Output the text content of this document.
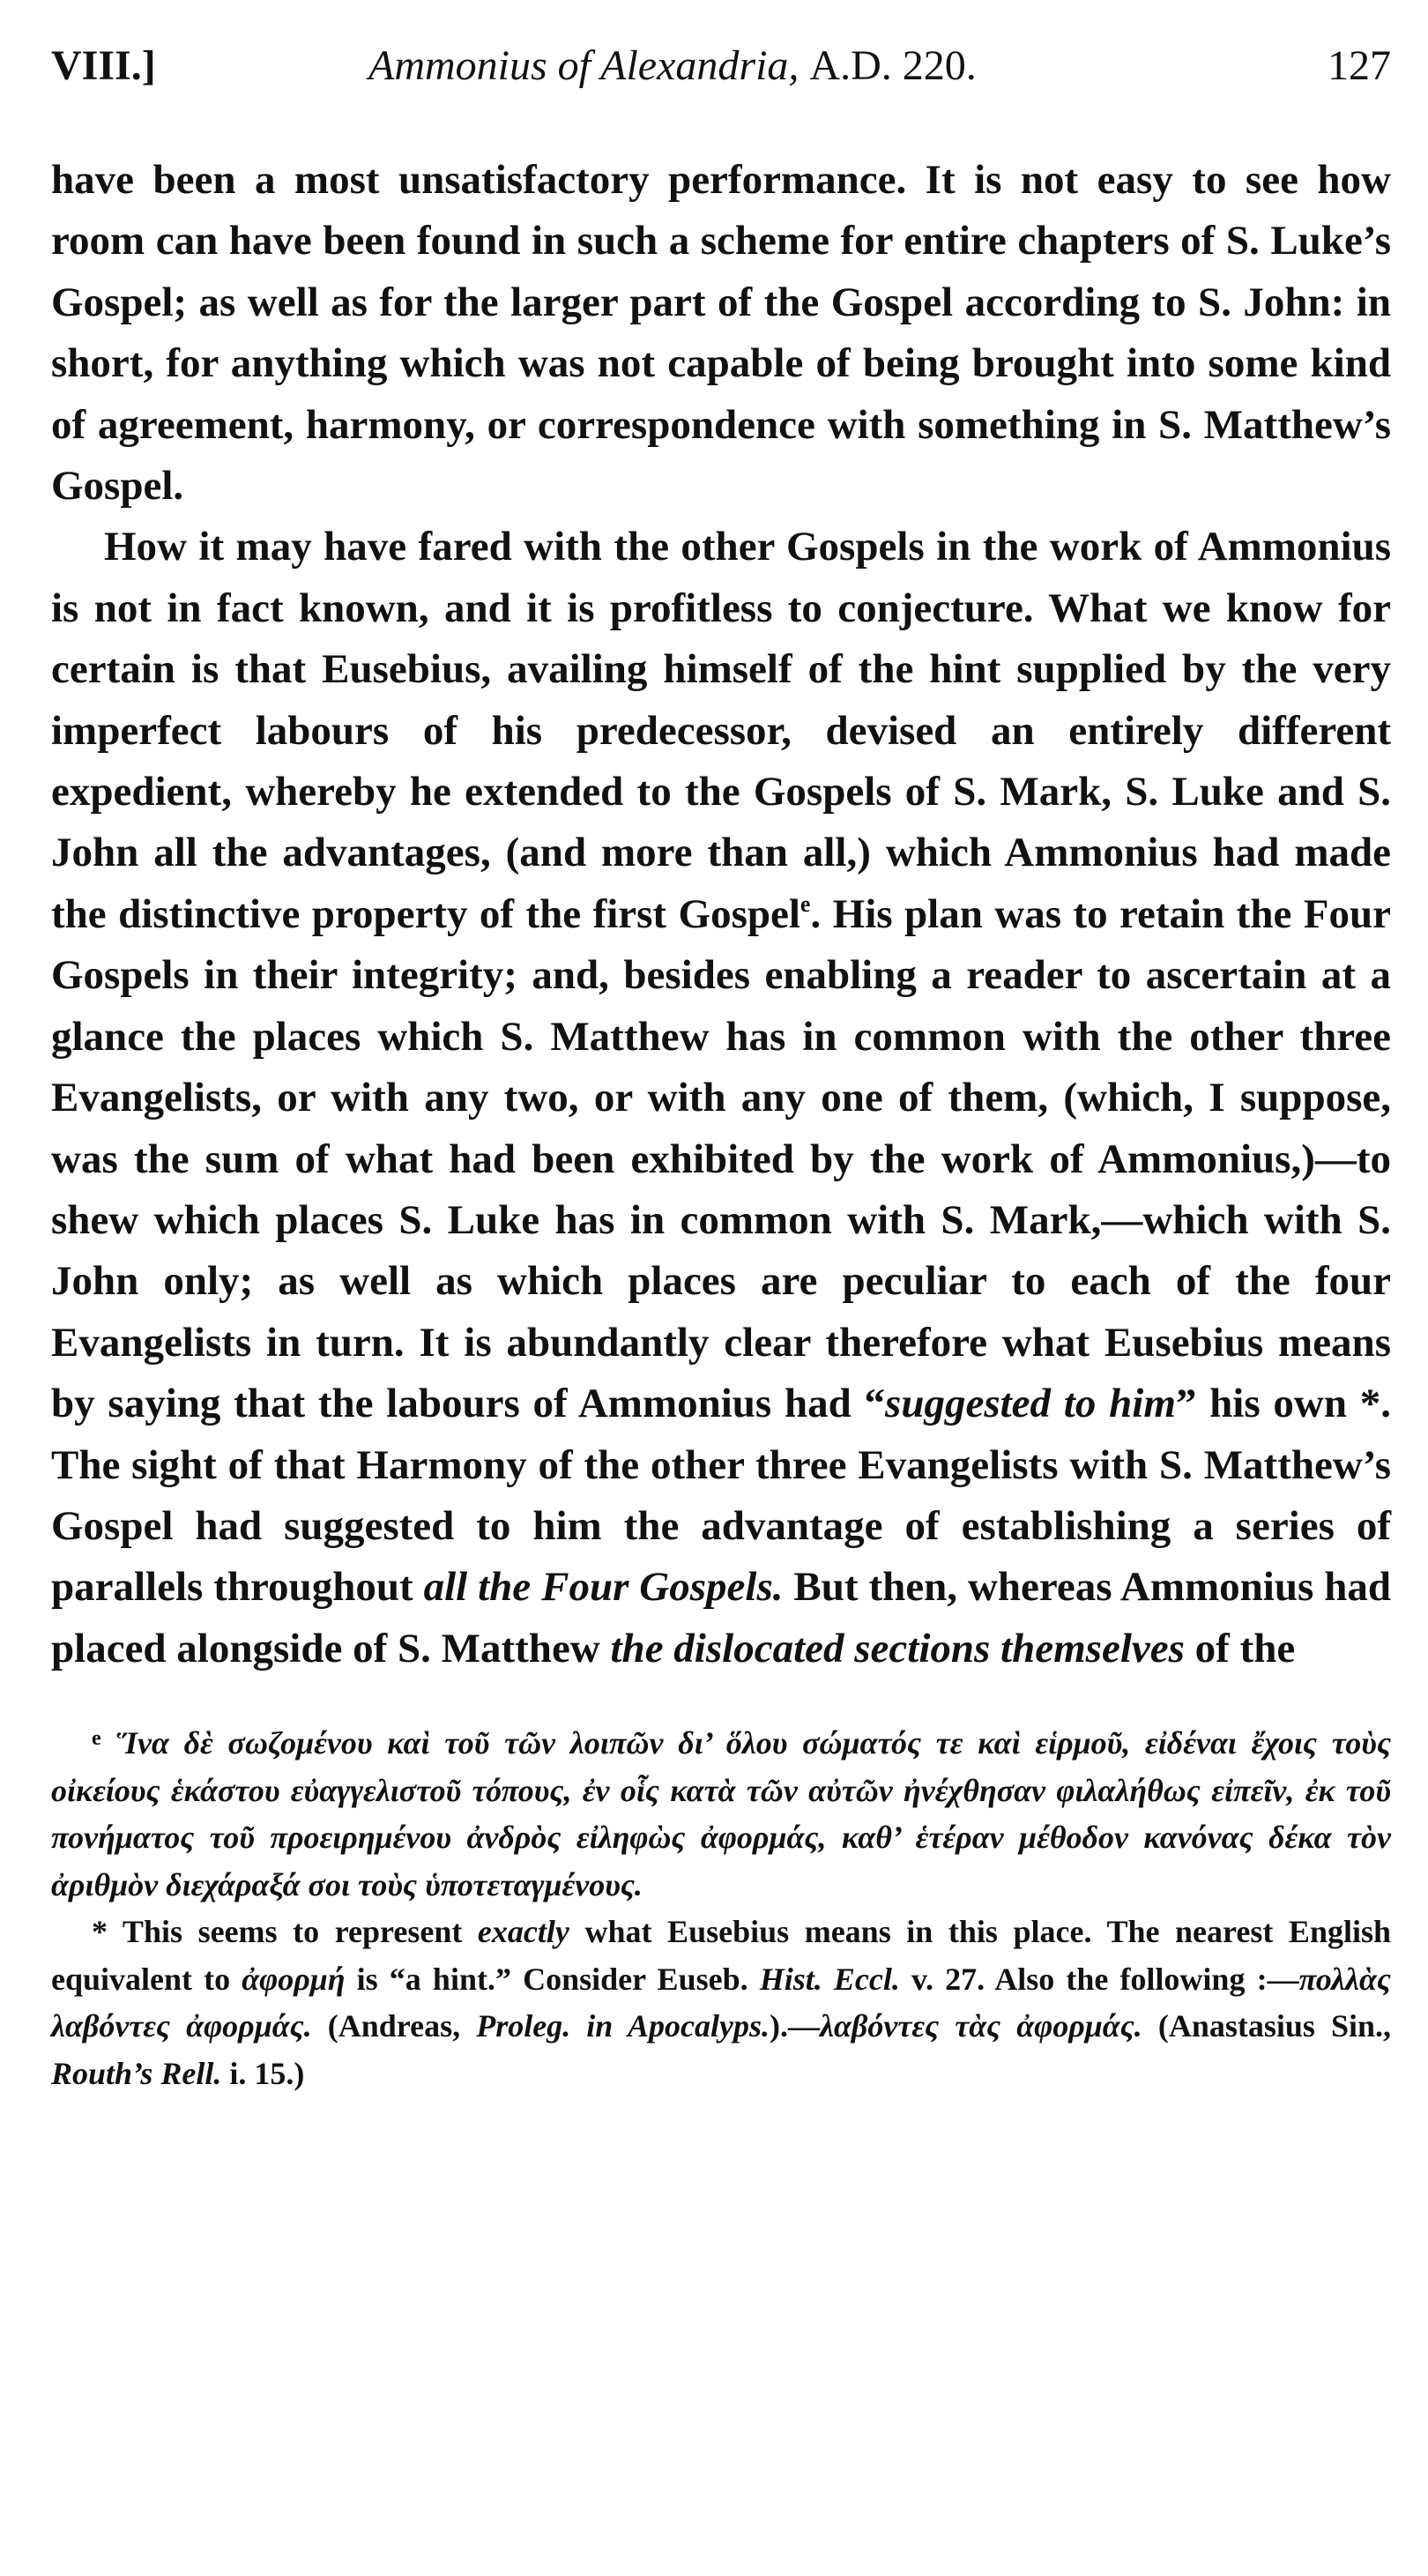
VIII.]	Ammonius of Alexandria, A.D. 220.	127

have been a most unsatisfactory performance. It is not easy to see how room can have been found in such a scheme for entire chapters of S. Luke’s Gospel; as well as for the larger part of the Gospel according to S. John: in short, for anything which was not capable of being brought into some kind of agreement, harmony, or correspondence with something in S. Matthew’s Gospel.

How it may have fared with the other Gospels in the work of Ammonius is not in fact known, and it is profitless to conjecture. What we know for certain is that Eusebius, availing himself of the hint supplied by the very imperfect labours of his predecessor, devised an entirely different expedient, whereby he extended to the Gospels of S. Mark, S. Luke and S. John all the advantages, (and more than all,) which Ammonius had made the distinctive property of the first Gospel$^e$. His plan was to retain the Four Gospels in their integrity; and, besides enabling a reader to ascertain at a glance the places which S. Matthew has in common with the other three Evangelists, or with any two, or with any one of them, (which, I suppose, was the sum of what had been exhibited by the work of Ammonius,)—to shew which places S. Luke has in common with S. Mark,—which with S. John only; as well as which places are peculiar to each of the four Evangelists in turn. It is abundantly clear therefore what Eusebius means by saying that the labours of Ammonius had “suggested to him” his own *. The sight of that Harmony of the other three Evangelists with S. Matthew’s Gospel had suggested to him the advantage of establishing a series of parallels throughout all the Four Gospels. But then, whereas Ammonius had placed alongside of S. Matthew the dislocated sections themselves of the

$^e$ Ἵνα δὲ σωζομένου καὶ τοῦ τῶν λοιπῶν δι’ ὅλου σώματός τε καὶ εἱρμοῦ, εἰδέναι ἔχοις τοὺς οἰκείους ἑκάστου εὐαγγελιστοῦ τόπους, ἐν οἷς κατὰ τῶν αὐτῶν ἠνέχθησαν φιλαλήθως εἰπεῖν, ἐκ τοῦ πονήματος τοῦ προειρημένου ἀνδρὸς εἰληφὼς ἀφορμάς, καθ’ ἑτέραν μέθοδον κανόνας δέκα τὸν ἀριθμὸν διεχάραξά σοι τοὺς ὑποτεταγμένους.

* This seems to represent exactly what Eusebius means in this place. The nearest English equivalent to ἀφορμή is “a hint.” Consider Euseb. Hist. Eccl. v. 27. Also the following :—πολλὰς λαβόντες ἀφορμάς. (Andreas, Proleg. in Apocalyps.).—λαβόντες τὰς ἀφορμάς. (Anastasius Sin., Routh’s Rell. i. 15.)
